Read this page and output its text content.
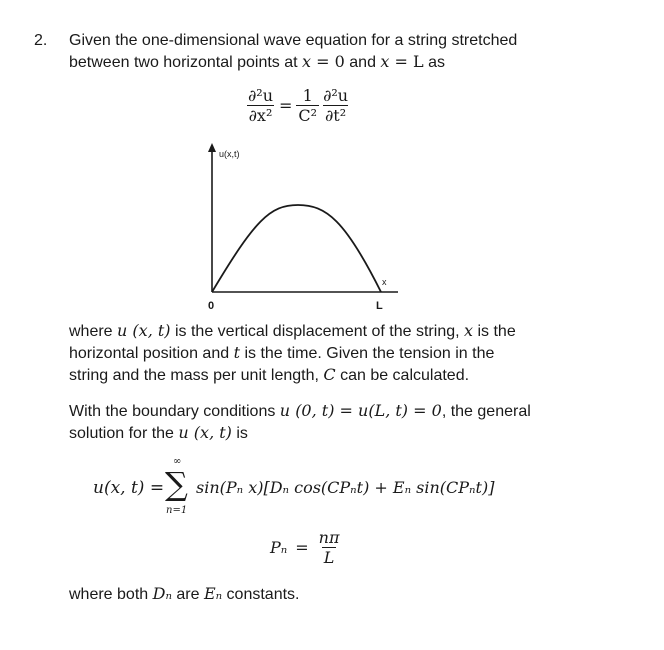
2. Given the one-dimensional wave equation for a string stretched
between two horizontal points at x = 0 and x = L as
$\frac{\text{∂²u}}{\text{∂x²}} = \frac{1}{\text{C²}} \frac{\text{∂²u}}{\text{∂t²}}$
u(x,t)
x
0	L
where u (x, t) is the vertical displacement of the string, x is the
horizontal position and t is the time. Given the tension in the
string and the mass per unit length, C can be calculated.
With the boundary conditions u (0, t) = u(L, t) = 0, the general
solution for the u (x, t) is
u(x, t) =
∞
∑
n=1
sin(Pₙ x)[Dₙ cos(CPₙt) + Eₙ sin(CPₙt)]
$P_n = \frac{n\pi}{L}$
where both Dₙ are Eₙ constants.
